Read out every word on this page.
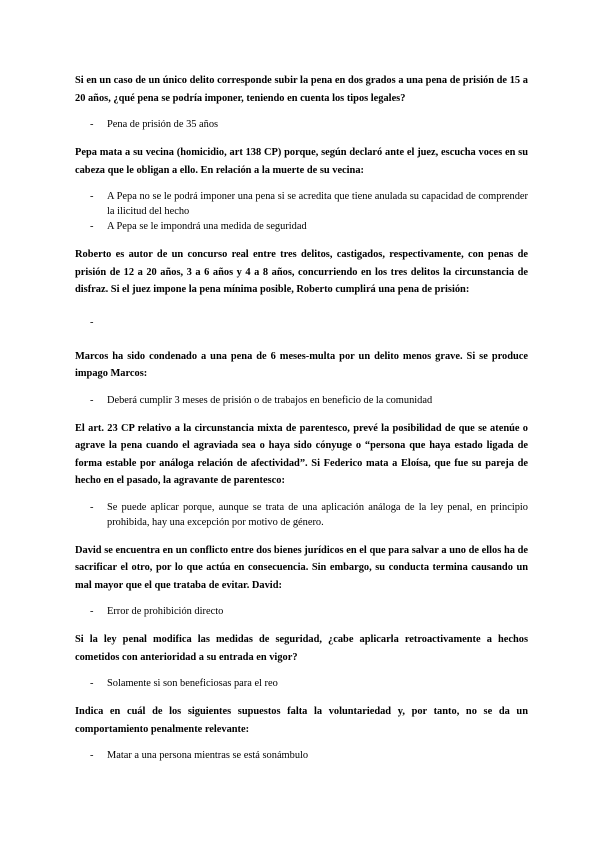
Si en un caso de un único delito corresponde subir la pena en dos grados a una pena de prisión de 15 a 20 años, ¿qué pena se podría imponer, teniendo en cuenta los tipos legales?

- Pena de prisión de 35 años

Pepa mata a su vecina (homicidio, art 138 CP) porque, según declaró ante el juez, escucha voces en su cabeza que le obligan a ello. En relación a la muerte de su vecina:

- A Pepa no se le podrá imponer una pena si se acredita que tiene anulada su capacidad de comprender la ilicitud del hecho
- A Pepa se le impondrá una medida de seguridad

Roberto es autor de un concurso real entre tres delitos, castigados, respectivamente, con penas de prisión de 12 a 20 años, 3 a 6 años y 4 a 8 años, concurriendo en los tres delitos la circunstancia de disfraz. Si el juez impone la pena mínima posible, Roberto cumplirá una pena de prisión:

-

Marcos ha sido condenado a una pena de 6 meses-multa por un delito menos grave. Si se produce impago Marcos:

- Deberá cumplir 3 meses de prisión o de trabajos en beneficio de la comunidad

El art. 23 CP relativo a la circunstancia mixta de parentesco, prevé la posibilidad de que se atenúe o agrave la pena cuando el agraviada sea o haya sido cónyuge o “persona que haya estado ligada de forma estable por análoga relación de afectividad”. Si Federico mata a Eloísa, que fue su pareja de hecho en el pasado, la agravante de parentesco:

- Se puede aplicar porque, aunque se trata de una aplicación análoga de la ley penal, en principio prohibida, hay una excepción por motivo de género.

David se encuentra en un conflicto entre dos bienes jurídicos en el que para salvar a uno de ellos ha de sacrificar el otro, por lo que actúa en consecuencia. Sin embargo, su conducta termina causando un mal mayor que el que trataba de evitar. David:

- Error de prohibición directo

Si la ley penal modifica las medidas de seguridad, ¿cabe aplicarla retroactivamente a hechos cometidos con anterioridad a su entrada en vigor?

- Solamente si son beneficiosas para el reo

Indica en cuál de los siguientes supuestos falta la voluntariedad y, por tanto, no se da un comportamiento penalmente relevante:

- Matar a una persona mientras se está sonámbulo
